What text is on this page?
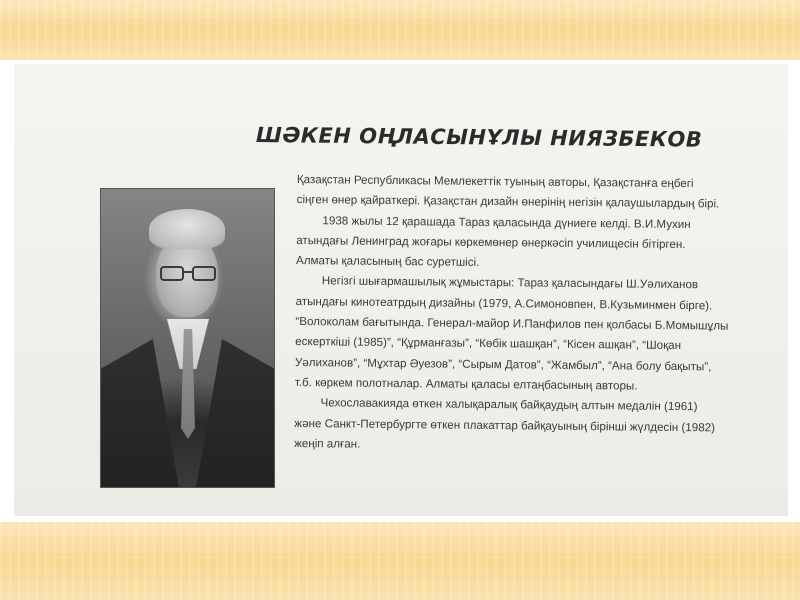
ШӘКЕН ОҢЛАСЫНҰЛЫ НИЯЗБЕКОВ
Қазақстан Республикасы Мемлекеттік туының авторы, Қазақстанға еңбегі
сіңген өнер қайраткері. Қазақстан дизайн өнерінің негізін қалаушылардың бірі.
1938 жылы 12 қарашада Тараз қаласында дүниеге келді. В.И.Мухин
атындағы Ленинград жоғары көркемөнер өнеркәсіп училищесін бітірген.
Алматы қаласының бас суретшісі.
Негізгі шығармашылық жұмыстары: Тараз қаласындағы Ш.Уәлиханов
атындағы кинотеатрдың дизайны (1979, А.Симоновпен, В.Кузьминмен бірге).
“Волоколам бағытында. Генерал-майор И.Панфилов пен қолбасы Б.Момышұлы
ескерткіші (1985)”, “Құрманғазы”, “Көбік шашқан”, “Кісен ашқан”, “Шоқан
Уәлиханов”, “Мұхтар Әуезов”, “Сырым Датов”, “Жамбыл”, “Ана болу бақыты”,
т.б. көркем полотналар. Алматы қаласы елтаңбасының авторы.
Чехославакияда өткен халықаралық байқаудың алтын медалін (1961)
және Санкт-Петербургте өткен плакаттар байқауының бірінші жүлдесін (1982)
жеңіп алған.
